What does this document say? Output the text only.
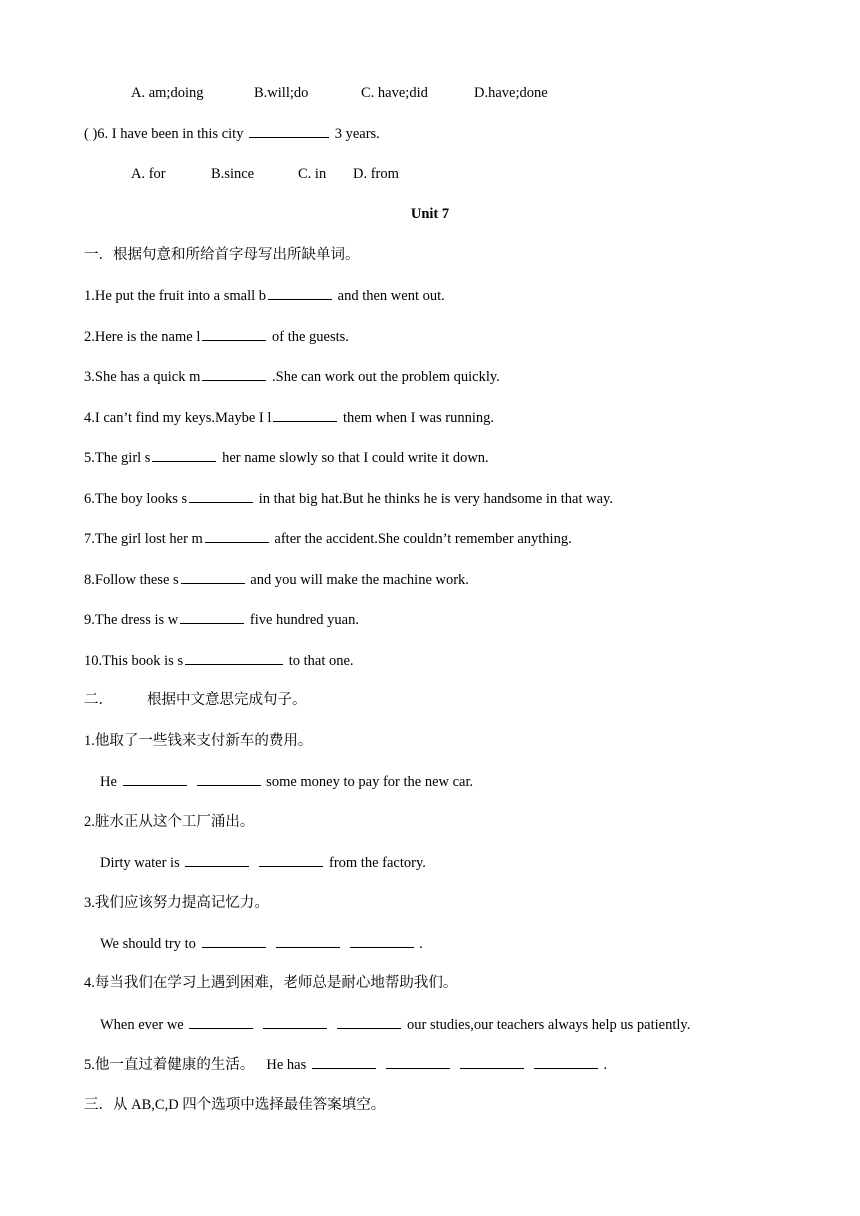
A. am;doing	B.will;do	C. have;did	D.have;done
( )6. I have been in this city	3 years.
A. for	B.since	C. in D. from
Unit 7
一．根据句意和所给首字母写出所缺单词。
1.He put the fruit into a small b	and then went out.
2.Here is the name l	of the guests.
3.She has a quick m	.She can work out the problem quickly.
4.I can’t find my keys.Maybe I l	them when I was running.
5.The girl s	her name slowly so that I could write it down.
6.The boy looks s	in that big hat.But he thinks he is very handsome in that way.
7.The girl lost her m	after the accident.She couldn’t remember anything.
8.Follow these s	and you will make the machine work.
9.The dress is w	five hundred yuan.
10.This book is s	to that one.
二． 根据中文意思完成句子。
1.他取了一些钱来支付新车的费用。
He	some money to pay for the new car.
2.脏水正从这个工厂涌出。
Dirty water is	from the factory.
3.我们应该努力提高记忆力。
We should try to	.
4.每当我们在学习上遇到困难，老师总是耐心地帮助我们。
When ever we	our studies,our teachers always help us patiently.
5.他一直过着健康的生活。 He has	.
三．从 AB,C,D 四个选项中选择最佳答案填空。
